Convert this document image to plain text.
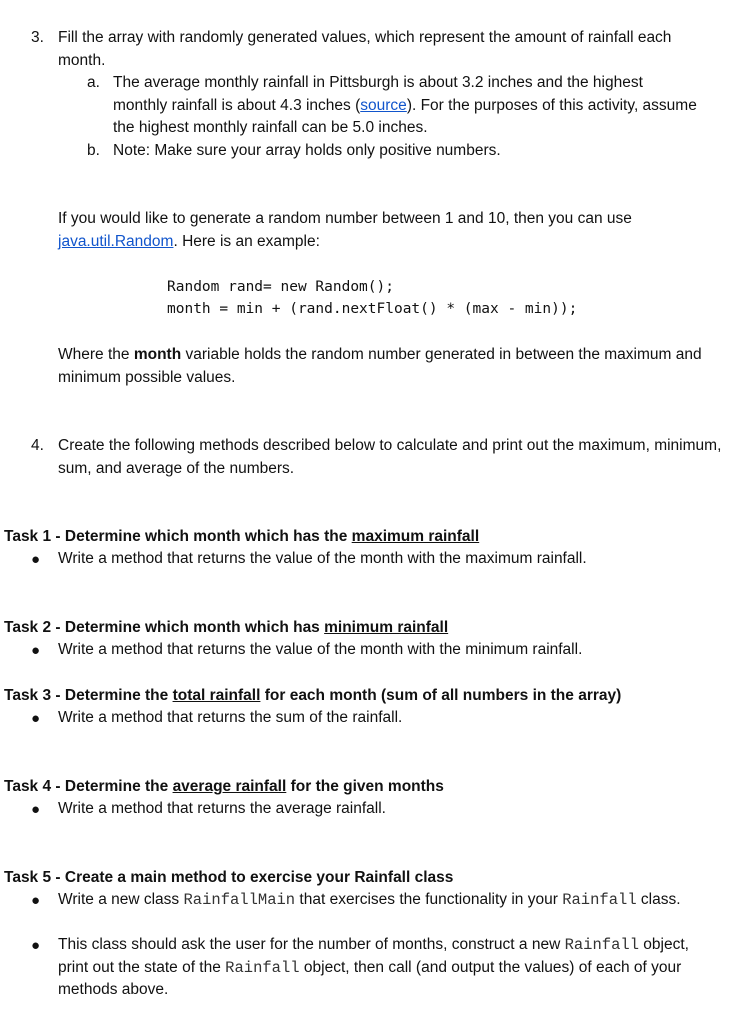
3. Fill the array with randomly generated values, which represent the amount of rainfall each month.
a. The average monthly rainfall in Pittsburgh is about 3.2 inches and the highest monthly rainfall is about 4.3 inches (source). For the purposes of this activity, assume the highest monthly rainfall can be 5.0 inches.
b. Note: Make sure your array holds only positive numbers.
If you would like to generate a random number between 1 and 10, then you can use java.util.Random. Here is an example:
Random rand= new Random();
month = min + (rand.nextFloat() * (max - min));
Where the month variable holds the random number generated in between the maximum and minimum possible values.
4. Create the following methods described below to calculate and print out the maximum, minimum, sum, and average of the numbers.
Task 1 - Determine which month which has the maximum rainfall
● Write a method that returns the value of the month with the maximum rainfall.
Task 2 - Determine which month which has minimum rainfall
● Write a method that returns the value of the month with the minimum rainfall.
Task 3 - Determine the total rainfall for each month (sum of all numbers in the array)
● Write a method that returns the sum of the rainfall.
Task 4 - Determine the average rainfall for the given months
● Write a method that returns the average rainfall.
Task 5 - Create a main method to exercise your Rainfall class
● Write a new class RainfallMain that exercises the functionality in your Rainfall class.
● This class should ask the user for the number of months, construct a new Rainfall object, print out the state of the Rainfall object, then call (and output the values) of each of your methods above.
